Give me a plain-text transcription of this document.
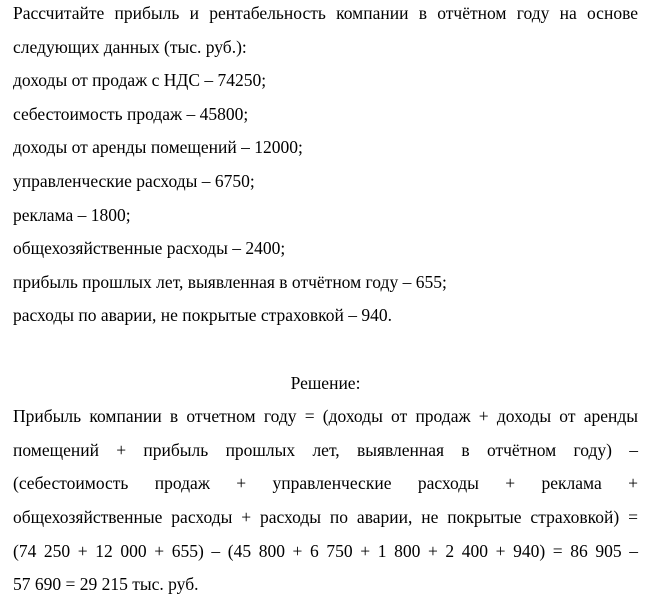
Рассчитайте прибыль и рентабельность компании в отчётном году на основе
следующих данных (тыс. руб.):
доходы от продаж с НДС – 74250;
себестоимость продаж – 45800;
доходы от аренды помещений – 12000;
управленческие расходы – 6750;
реклама – 1800;
общехозяйственные расходы – 2400;
прибыль прошлых лет, выявленная в отчётном году – 655;
расходы по аварии, не покрытые страховкой – 940.
Решение:
Прибыль компании в отчетном году = (доходы от продаж + доходы от аренды
помещений + прибыль прошлых лет, выявленная в отчётном году) –
(себестоимость продаж + управленческие расходы + реклама +
общехозяйственные расходы + расходы по аварии, не покрытые страховкой) =
(74 250 + 12 000 + 655) – (45 800 + 6 750 + 1 800 + 2 400 + 940) = 86 905 –
57 690 = 29 215 тыс. руб.
